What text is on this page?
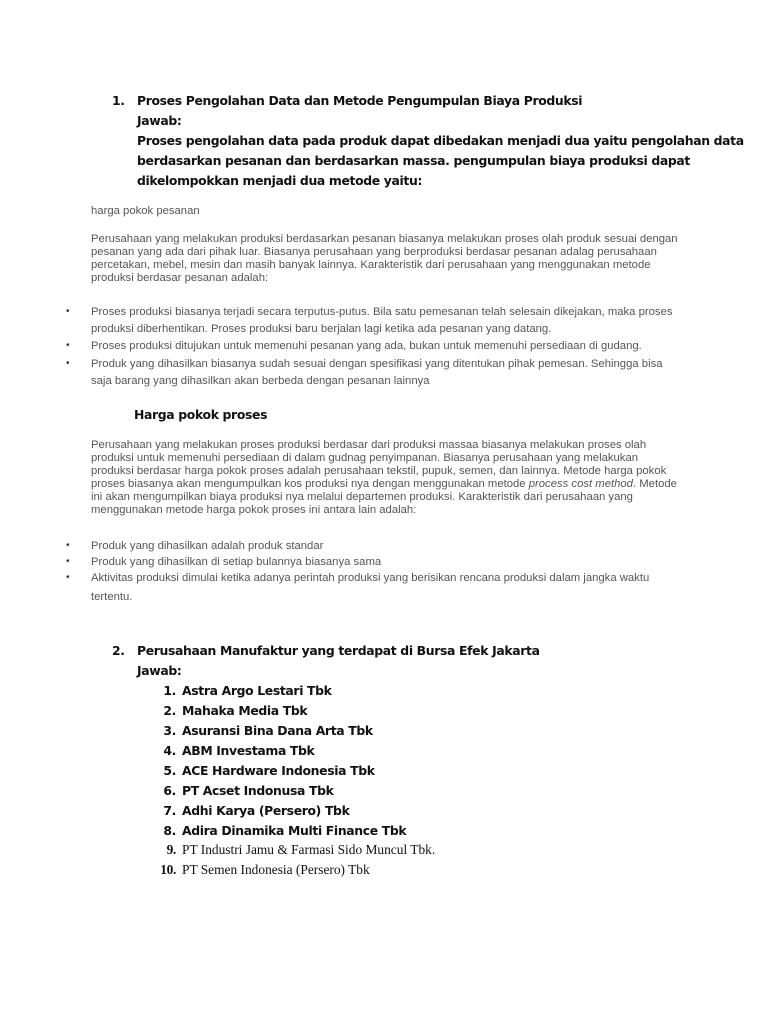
1. Proses Pengolahan Data dan Metode Pengumpulan Biaya Produksi
Jawab:
Proses pengolahan data pada produk dapat dibedakan menjadi dua yaitu pengolahan data
berdasarkan pesanan dan berdasarkan massa. pengumpulan biaya produksi dapat
dikelompokkan menjadi dua metode yaitu:
harga pokok pesanan
Perusahaan yang melakukan produksi berdasarkan pesanan biasanya melakukan proses olah produk sesuai dengan
pesanan yang ada dari pihak luar. Biasanya perusahaan yang berproduksi berdasar pesanan adalag perusahaan
percetakan, mebel, mesin dan masih banyak lainnya. Karakteristik dari perusahaan yang menggunakan metode
produksi berdasar pesanan adalah:
• Proses produksi biasanya terjadi secara terputus-putus. Bila satu pemesanan telah selesain dikejakan, maka proses
produksi diberhentikan. Proses produksi baru berjalan lagi ketika ada pesanan yang datang.
• Proses produksi ditujukan untuk memenuhi pesanan yang ada, bukan untuk memenuhi persediaan di gudang.
• Produk yang dihasilkan biasanya sudah sesuai dengan spesifikasi yang ditentukan pihak pemesan. Sehingga bisa
saja barang yang dihasilkan akan berbeda dengan pesanan lainnya
Harga pokok proses
Perusahaan yang melakukan proses produksi berdasar dari produksi massaa biasanya melakukan proses olah
produksi untuk memenuhi persediaan di dalam gudnag penyimpanan. Biasanya perusahaan yang melakukan
produksi berdasar harga pokok proses adalah perusahaan tekstil, pupuk, semen, dan lainnya. Metode harga pokok
proses biasanya akan mengumpulkan kos produksi nya dengan menggunakan metode process cost method. Metode
ini akan mengumpilkan biaya produksi nya melalui departemen produksi. Karakteristik dari perusahaan yang
menggunakan metode harga pokok proses ini antara lain adalah:
• Produk yang dihasilkan adalah produk standar
• Produk yang dihasilkan di setiap bulannya biasanya sama
• Aktivitas produksi dimulai ketika adanya perintah produksi yang berisikan rencana produksi dalam jangka waktu
tertentu.
2. Perusahaan Manufaktur yang terdapat di Bursa Efek Jakarta
Jawab:
1. Astra Argo Lestari Tbk
2. Mahaka Media Tbk
3. Asuransi Bina Dana Arta Tbk
4. ABM Investama Tbk
5. ACE Hardware Indonesia Tbk
6. PT Acset Indonusa Tbk
7. Adhi Karya (Persero) Tbk
8. Adira Dinamika Multi Finance Tbk
9. PT Industri Jamu & Farmasi Sido Muncul Tbk.
10. PT Semen Indonesia (Persero) Tbk
